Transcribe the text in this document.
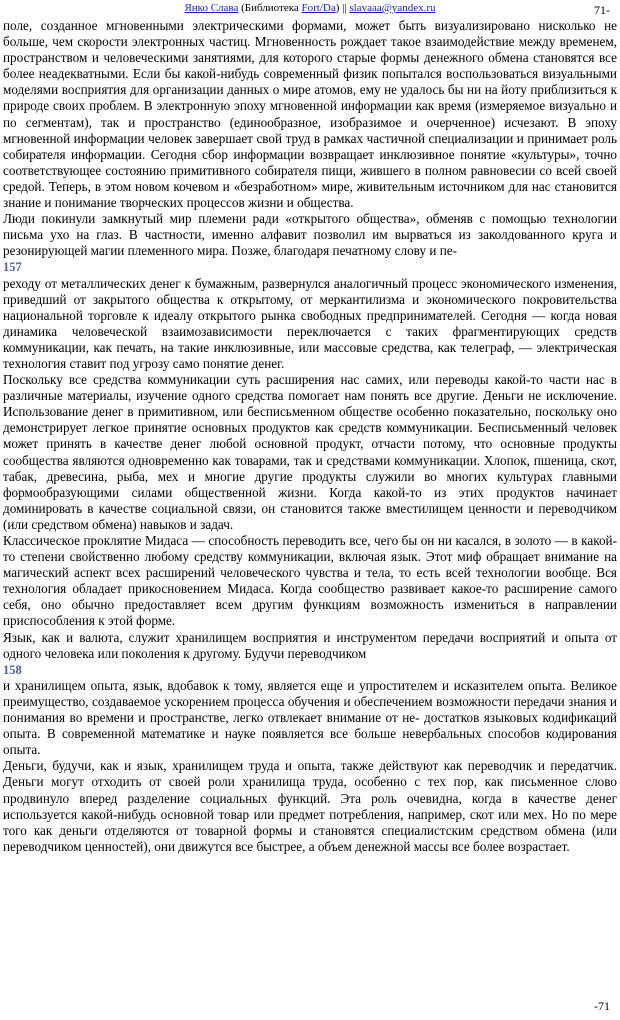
Янко Слава (Библиотека Fort/Da) || slavaaa@yandex.ru	71-

поле, созданное мгновенными электрическими формами, может быть визуализировано нисколько не больше, чем скорости электронных частиц. Мгновенность рождает такое взаимодействие между временем, пространством и человеческими занятиями, для которого старые формы денежного обмена становятся все более неадекватными. Если бы какой-нибудь современный физик попытался воспользоваться визуальными моделями восприятия для организации данных о мире атомов, ему не удалось бы ни на йоту приблизиться к природе своих проблем. В электронную эпоху мгновенной информации как время (измеряемое визуально и по сегментам), так и пространство (единообразное, изобразимое и очерченное) исчезают. В эпоху мгновенной информации человек завершает свой труд в рамках частичной специализации и принимает роль собирателя информации. Сегодня сбор информации возвращает инклюзивное понятие «культуры», точно соответствующее состоянию примитивного собирателя пищи, жившего в полном равновесии со всей своей средой. Теперь, в этом новом кочевом и «безработном» мире, живительным источником для нас становится знание и понимание творческих процессов жизни и общества.

Люди покинули замкнутый мир племени ради «открытого общества», обменяв с помощью технологии письма ухо на глаз. В частности, именно алфавит позволил им вырваться из заколдованного круга и резонирующей магии племенного мира. Позже, благодаря печатному слову и пе-

157

реходу от металлических денег к бумажным, развернулся аналогичный процесс экономического изменения, приведший от закрытого общества к открытому, от меркантилизма и экономического покровительства национальной торговле к идеалу открытого рынка свободных предпринимателей. Сегодня — когда новая динамика человеческой взаимозависимости переключается с таких фрагментирующих средств коммуникации, как печать, на такие инклюзивные, или массовые средства, как телеграф, — электрическая технология ставит под угрозу само понятие денег.

Поскольку все средства коммуникации суть расширения нас самих, или переводы какой-то части нас в различные материалы, изучение одного средства помогает нам понять все другие. Деньги не исключение. Использование денег в примитивном, или бесписьменном обществе особенно показательно, поскольку оно демонстрирует легкое принятие основных продуктов как средств коммуникации. Бесписьменный человек может принять в качестве денег любой основной продукт, отчасти потому, что основные продукты сообщества являются одновременно как товарами, так и средствами коммуникации. Хлопок, пшеница, скот, табак, древесина, рыба, мех и многие другие продукты служили во многих культурах главными формообразующими силами общественной жизни. Когда какой-то из этих продуктов начинает доминировать в качестве социальной связи, он становится также вместилищем ценности и переводчиком (или средством обмена) навыков и задач.

Классическое проклятие Мидаса — способность переводить все, чего бы он ни касался, в золото — в какой-то степени свойственно любому средству коммуникации, включая язык. Этот миф обращает внимание на магический аспект всех расширений человеческого чувства и тела, то есть всей технологии вообще. Вся технология обладает прикосновением Мидаса. Когда сообщество развивает какое-то расширение самого себя, оно обычно предоставляет всем другим функциям возможность измениться в направлении приспособления к этой форме.

Язык, как и валюта, служит хранилищем восприятия и инструментом передачи восприятий и опыта от одного человека или поколения к другому. Будучи переводчиком

158

и хранилищем опыта, язык, вдобавок к тому, является еще и упростителем и исказителем опыта. Великое преимущество, создаваемое ускорением процесса обучения и обеспечением возможности передачи знания и понимания во времени и пространстве, легко отвлекает внимание от не- достатков языковых кодификаций опыта. В современной математике и науке появляется все больше невербальных способов кодирования опыта.

Деньги, будучи, как и язык, хранилищем труда и опыта, также действуют как переводчик и передатчик. Деньги могут отходить от своей роли хранилища труда, особенно с тех пор, как письменное слово продвинуло вперед разделение социальных функций. Эта роль очевидна, когда в качестве денег используется какой-нибудь основной товар или предмет потребления, например, скот или мех. Но по мере того как деньги отделяются от товарной формы и становятся специалистским средством обмена (или переводчиком ценностей), они движутся все быстрее, а объем денежной массы все более возрастает.

-71
